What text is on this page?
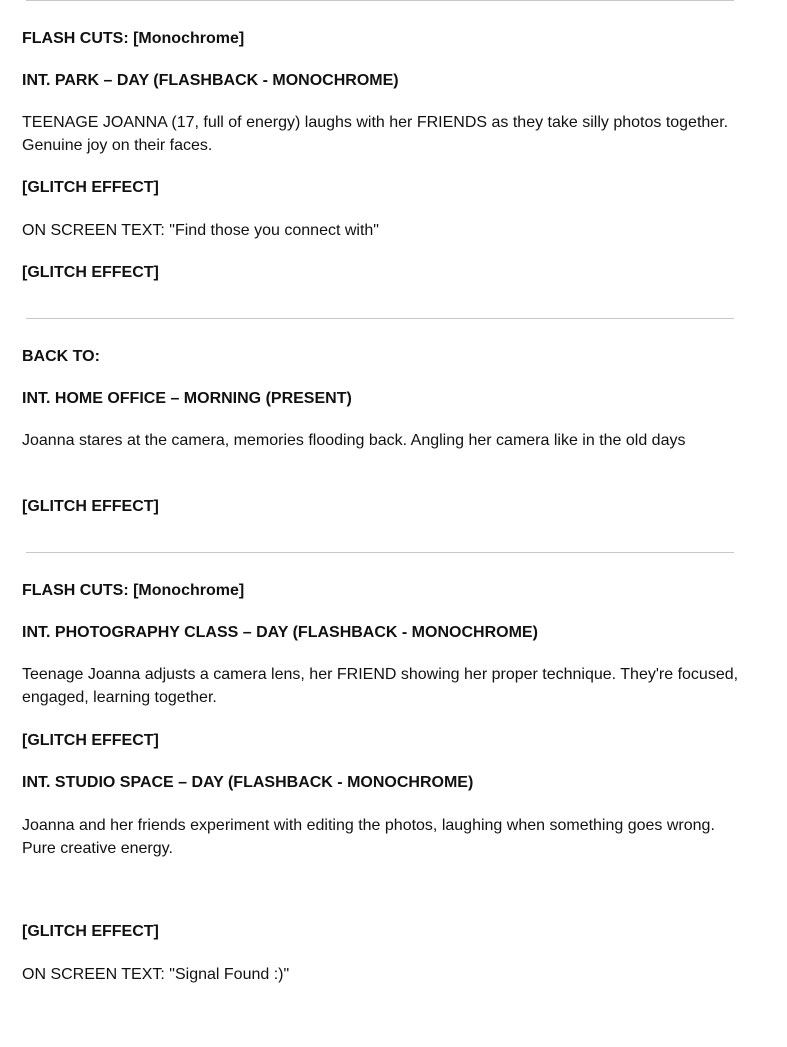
FLASH CUTS: [Monochrome]
INT. PARK – DAY (FLASHBACK - MONOCHROME)
TEENAGE JOANNA (17, full of energy) laughs with her FRIENDS as they take silly photos together. Genuine joy on their faces.
[GLITCH EFFECT]
ON SCREEN TEXT: "Find those you connect with"
[GLITCH EFFECT]
BACK TO:
INT. HOME OFFICE – MORNING (PRESENT)
Joanna stares at the camera, memories flooding back. Angling her camera like in the old days
[GLITCH EFFECT]
FLASH CUTS: [Monochrome]
INT. PHOTOGRAPHY CLASS – DAY (FLASHBACK - MONOCHROME)
Teenage Joanna adjusts a camera lens, her FRIEND showing her proper technique. They're focused, engaged, learning together.
[GLITCH EFFECT]
INT. STUDIO SPACE – DAY (FLASHBACK - MONOCHROME)
Joanna and her friends experiment with editing the photos, laughing when something goes wrong. Pure creative energy.
[GLITCH EFFECT]
ON SCREEN TEXT: "Signal Found :)"
